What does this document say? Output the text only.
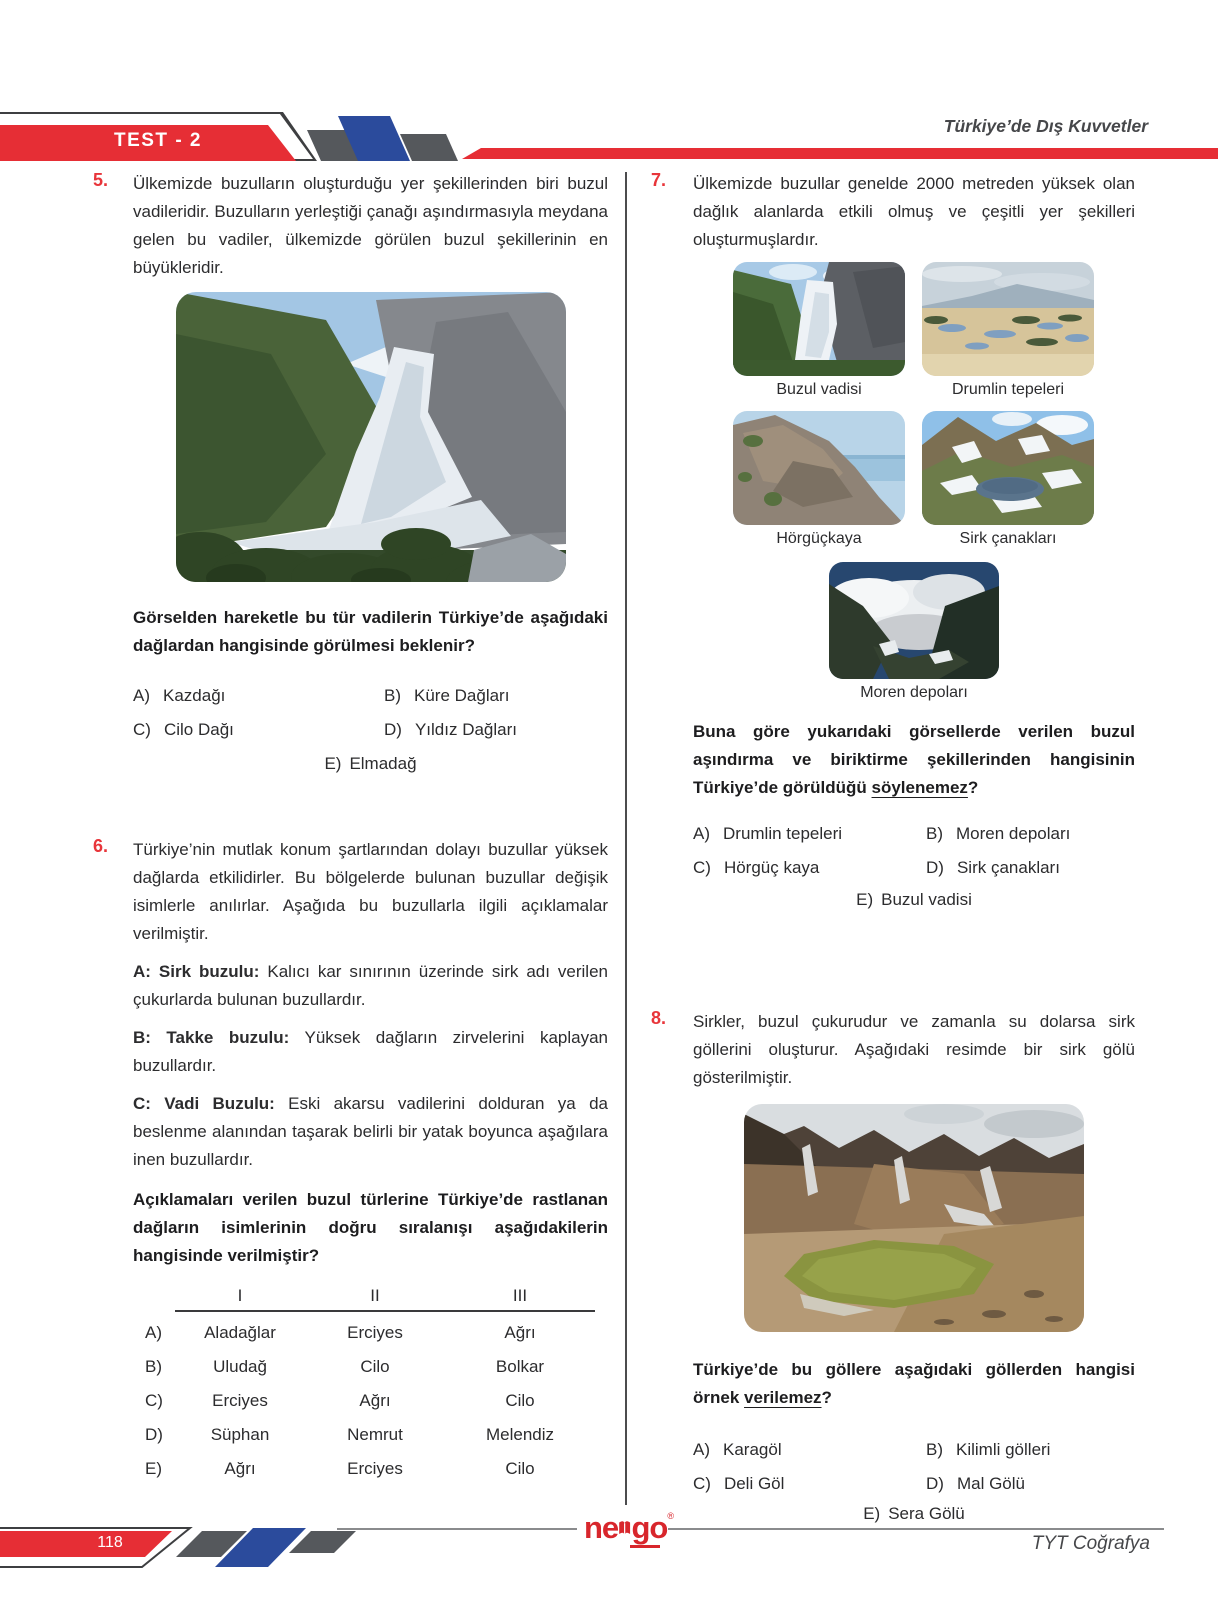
TEST - 2
Türkiye’de Dış Kuvvetler
5. Ülkemizde buzulların oluşturduğu yer şekillerinden biri buzul vadileridir. Buzulların yerleştiği çanağı aşındırmasıyla meydana gelen bu vadiler, ülkemizde görülen buzul şekillerinin en büyükleridir.

Görselden hareketle bu tür vadilerin Türkiye’de aşağıdaki dağlardan hangisinde görülmesi beklenir?

A) Kazdağı	B) Küre Dağları
C) Cilo Dağı	D) Yıldız Dağları
E) Elmadağ
6. Türkiye’nin mutlak konum şartlarından dolayı buzullar yüksek dağlarda etkilidirler. Bu bölgelerde bulunan buzullar değişik isimlerle anılırlar. Aşağıda bu buzullarla ilgili açıklamalar verilmiştir.

A: Sirk buzulu: Kalıcı kar sınırının üzerinde sirk adı verilen çukurlarda bulunan buzullardır.

B: Takke buzulu: Yüksek dağların zirvelerini kaplayan buzullardır.

C: Vadi Buzulu: Eski akarsu vadilerini dolduran ya da beslenme alanından taşarak belirli bir yatak boyunca aşağılara inen buzullardır.

Açıklamaları verilen buzul türlerine Türkiye’de rastlanan dağların isimlerinin doğru sıralanışı aşağıdakilerin hangisinde verilmiştir?

I	II	III
A)	Aladağlar	Erciyes	Ağrı
B)	Uludağ	Cilo	Bolkar
C)	Erciyes	Ağrı	Cilo
D)	Süphan	Nemrut	Melendiz
E)	Ağrı	Erciyes	Cilo
7. Ülkemizde buzullar genelde 2000 metreden yüksek olan dağlık alanlarda etkili olmuş ve çeşitli yer şekilleri oluşturmuşlardır.

Buzul vadisi	Drumlin tepeleri
Hörgüçkaya	Sirk çanakları
Moren depoları

Buna göre yukarıdaki görsellerde verilen buzul aşındırma ve biriktirme şekillerinden hangisinin Türkiye’de görüldüğü söylenemez?

A) Drumlin tepeleri	B) Moren depoları
C) Hörgüç kaya	D) Sirk çanakları
E) Buzul vadisi
8. Sirkler, buzul çukurudur ve zamanla su dolarsa sirk göllerini oluşturur. Aşağıdaki resimde bir sirk gölü gösterilmiştir.

Türkiye’de bu göllere aşağıdaki göllerden hangisi örnek verilemez?

A) Karagöl	B) Kilimli gölleri
C) Deli Göl	D) Mal Gölü
E) Sera Gölü
118	ne go ®
TYT Coğrafya
